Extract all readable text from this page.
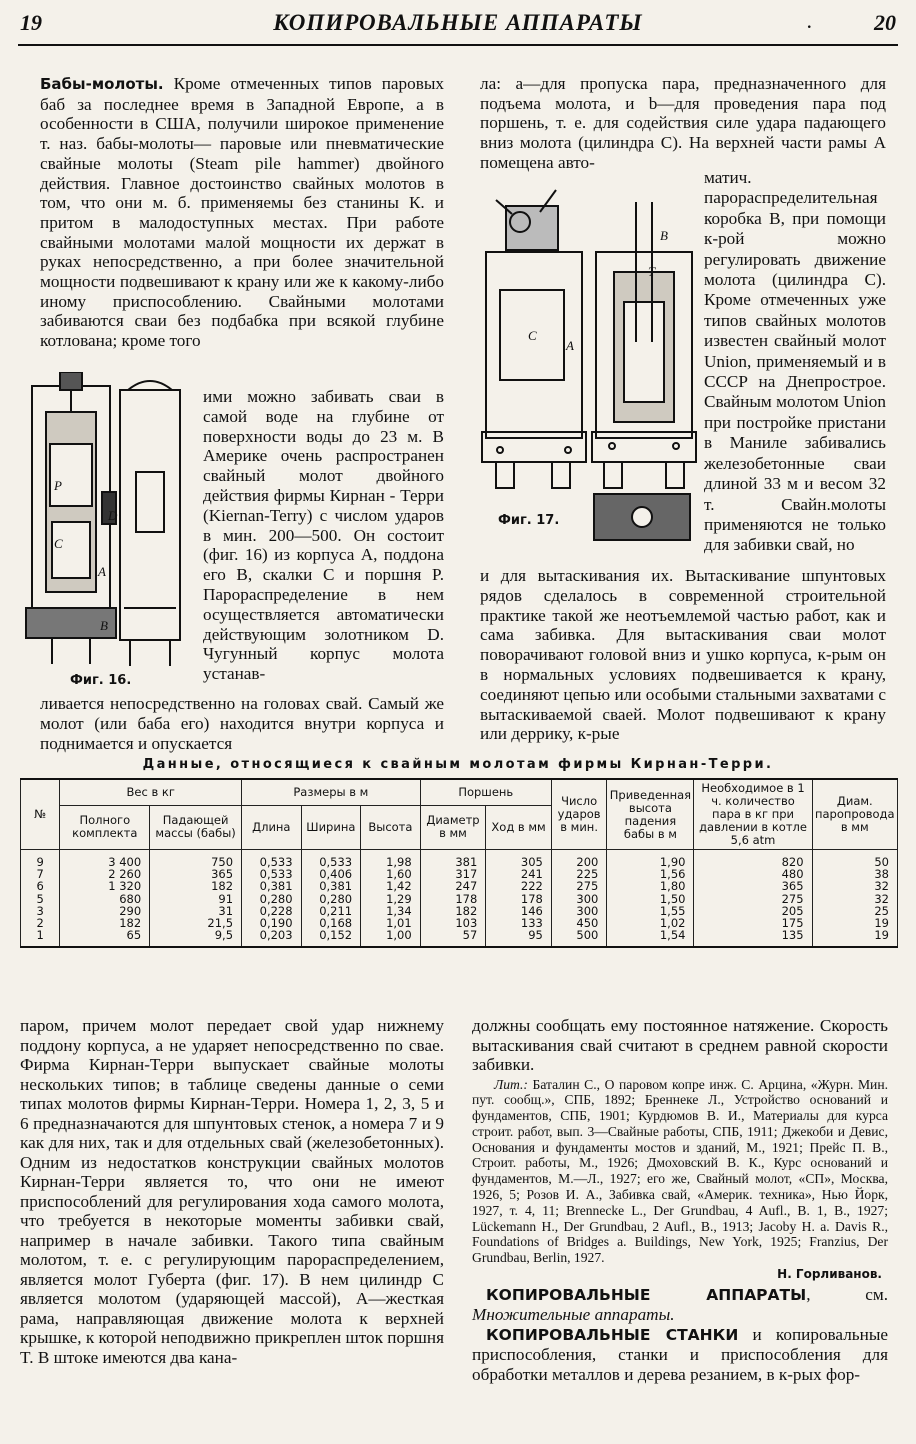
19	КОПИРОВАЛЬНЫЕ АППАРАТЫ	.	20

Бабы-молоты. Кроме отмеченных типов паровых баб за последнее время в Западной Европе, а в особенности в США, получили широкое применение т. наз. бабы-молоты— паровые или пневматические свайные молоты (Steam pile hammer) двойного действия. Главное достоинство свайных молотов в том, что они м. б. применяемы без станины К. и притом в малодоступных местах. При работе свайными молотами малой мощности их держат в руках непосредственно, а при более значительной мощности подвешивают к крану или же к какому-либо иному приспособлению. Свайными молотами забиваются сваи без подбабка при всякой глубине котлована; кроме того

P
C
A
B
D
Фиг. 16.
ими можно забивать сваи в самой воде на глубине от поверхности воды до 23 м. В Америке очень распространен свайный молот двойного действия фирмы Кирнан - Терри (Kiernan-Terry) с числом ударов в мин. 200—500. Он состоит (фиг. 16) из корпуса A, поддона его B, скалки C и поршня P. Парораспределение в нем осуществляется автоматически действующим золотником D. Чугунный корпус молота устанав-
ливается непосредственно на головах свай. Самый же молот (или баба его) находится внутри корпуса и поднимается и опускается
ла: a—для пропуска пара, предназначенного для подъема молота, и b—для проведения пара под поршень, т. е. для содействия силе удара падающего вниз молота (цилиндра C). На верхней части рамы A помещена авто-
C
A
B
T
Фиг. 17.
матич. парораспределительная коробка B, при помощи к-рой можно регулировать движение молота (цилиндра C). Кроме отмеченных уже типов свайных молотов известен свайный молот Union, применяемый и в СССР на Днепрострое. Свайным молотом Union при постройке пристани в Маниле забивались железобетонные сваи длиной 33 м и весом 32 т. Свайн.молоты применяются не только для забивки свай, но
и для вытаскивания их. Вытаскивание шпунтовых рядов сделалось в современной строительной практике такой же неотъемлемой частью работ, как и сама забивка. Для вытаскивания сваи молот поворачивают головой вниз и ушко корпуса, к-рым он в нормальных условиях подвешивается к крану, соединяют цепью или особыми стальными захватами с вытаскиваемой сваей. Молот подвешивают к крану или деррику, к-рые
Данные, относящиеся к свайным молотам фирмы Кирнан-Терри.
№	Вес в кг		Размеры в м			Поршень		Число ударов в мин.	Приведенная высота падения бабы в м	Необходимое в 1 ч. количество пара в кг при давлении в котле 5,6 atm	Диам. паропровода в мм
	Полного комплекта	Падающей массы (бабы)	Длина	Ширина	Высота	Диаметр в мм	Ход в мм				
9	3 400	750	0,533	0,533	1,98	381	305	200	1,90	820	50
7	2 260	365	0,533	0,406	1,60	317	241	225	1,56	480	38
6	1 320	182	0,381	0,381	1,42	247	222	275	1,80	365	32
5	680	91	0,280	0,280	1,29	178	178	300	1,50	275	32
3	290	31	0,228	0,211	1,34	182	146	300	1,55	205	25
2	182	21,5	0,190	0,168	1,01	103	133	450	1,02	175	19
1	65	9,5	0,203	0,152	1,00	57	95	500	1,54	135	19
паром, причем молот передает свой удар нижнему поддону корпуса, а не ударяет непосредственно по свае. Фирма Кирнан-Терри выпускает свайные молоты нескольких типов; в таблице сведены данные о семи типах молотов фирмы Кирнан-Терри. Номера 1, 2, 3, 5 и 6 предназначаются для шпунтовых стенок, а номера 7 и 9 как для них, так и для отдельных свай (железобетонных). Одним из недостатков конструкции свайных молотов Кирнан-Терри является то, что они не имеют приспособлений для регулирования хода самого молота, что требуется в некоторые моменты забивки свай, например в начале забивки. Такого типа свайным молотом, т. е. с регулирующим парораспределением, является молот Губерта (фиг. 17). В нем цилиндр C является молотом (ударяющей массой), A—жесткая рама, направляющая движение молота к верхней крышке, к которой неподвижно прикреплен шток поршня T. В штоке имеются два кана-

должны сообщать ему постоянное натяжение. Скорость вытаскивания свай считают в среднем равной скорости забивки.

Лит.: Баталин С., О паровом копре инж. С. Арцина, «Журн. Мин. пут. сообщ.», СПБ, 1892; Бреннеке Л., Устройство оснований и фундаментов, СПБ, 1901; Курдюмов В. И., Материалы для курса строит. работ, вып. 3—Свайные работы, СПБ, 1911; Джекоби и Девис, Основания и фундаменты мостов и зданий, М., 1921; Прейс П. В., Строит. работы, М., 1926; Дмоховский В. К., Курс оснований и фундаментов, М.—Л., 1927; его же, Свайный молот, «СП», Москва, 1926, 5; Розов И. А., Забивка свай, «Америк. техника», Нью Йорк, 1927, т. 4, 11; Brennecke L., Der Grundbau, 4 Aufl., B. 1, B., 1927; Lückemann H., Der Grundbau, 2 Aufl., B., 1913; Jacoby H. a. Davis R., Foundations of Bridges a. Buildings, New York, 1925; Franzius, Der Grundbau, Berlin, 1927.

Н. Горливанов.

КОПИРОВАЛЬНЫЕ АППАРАТЫ, см. Множительные аппараты.

КОПИРОВАЛЬНЫЕ СТАНКИ и копировальные приспособления, станки и приспособления для обработки металлов и дерева резанием, в к-рых фор-
